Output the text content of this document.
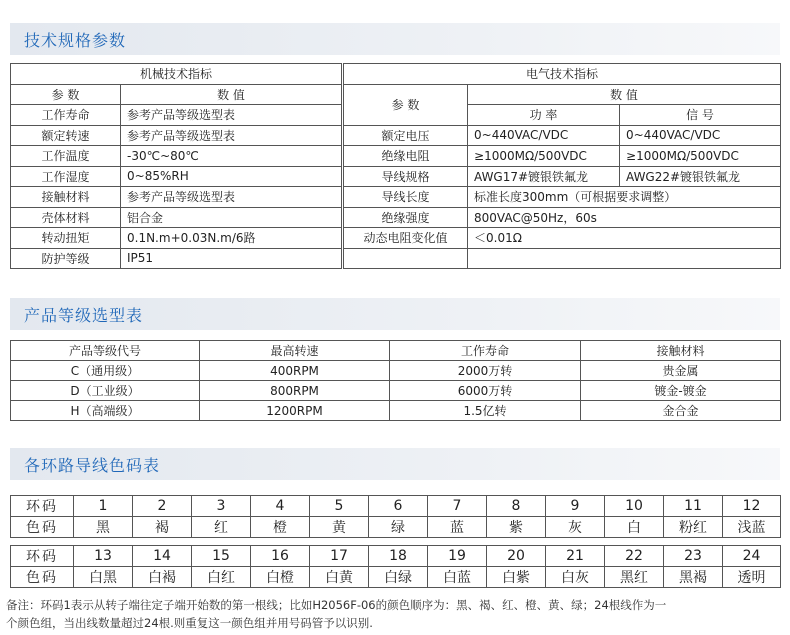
技术规格参数
机械技术指标		电气技术指标		
参 数	数 值	参 数	数 值	
工作寿命	参考产品等级选型表		功 率	信 号
额定转速	参考产品等级选型表	额定电压	0~440VAC/VDC	0~440VAC/VDC
工作温度	-30℃~80℃	绝缘电阻	≥1000MΩ/500VDC	≥1000MΩ/500VDC
工作湿度	0~85%RH	导线规格	AWG17#镀银铁氟龙	AWG22#镀银铁氟龙
接触材料	参考产品等级选型表	导线长度	标准长度300mm（可根据要求调整）	
壳体材料	铝合金	绝缘强度	800VAC@50Hz，60s	
转动扭矩	0.1N.m+0.03N.m/6路	动态电阻变化值	＜0.01Ω	
防护等级	IP51			
产品等级选型表
产品等级代号	最高转速	工作寿命	接触材料
C（通用级）	400RPM	2000万转	贵金属
D（工业级）	800RPM	6000万转	镀金-镀金
H（高端级）	1200RPM	1.5亿转	金合金
各环路导线色码表
环码	1	2	3	4	5	6	7	8	9	10	11	12
色码	黑	褐	红	橙	黄	绿	蓝	紫	灰	白	粉红	浅蓝
环码	13	14	15	16	17	18	19	20	21	22	23	24
色码	白黑	白褐	白红	白橙	白黄	白绿	白蓝	白紫	白灰	黑红	黑褐	透明
备注：环码1表示从转子端往定子端开始数的第一根线；比如H2056F-06的颜色顺序为：黑、褐、红、橙、黄、绿；24根线作为一
个颜色组，当出线数量超过24根.则重复这一颜色组并用号码管予以识别.
